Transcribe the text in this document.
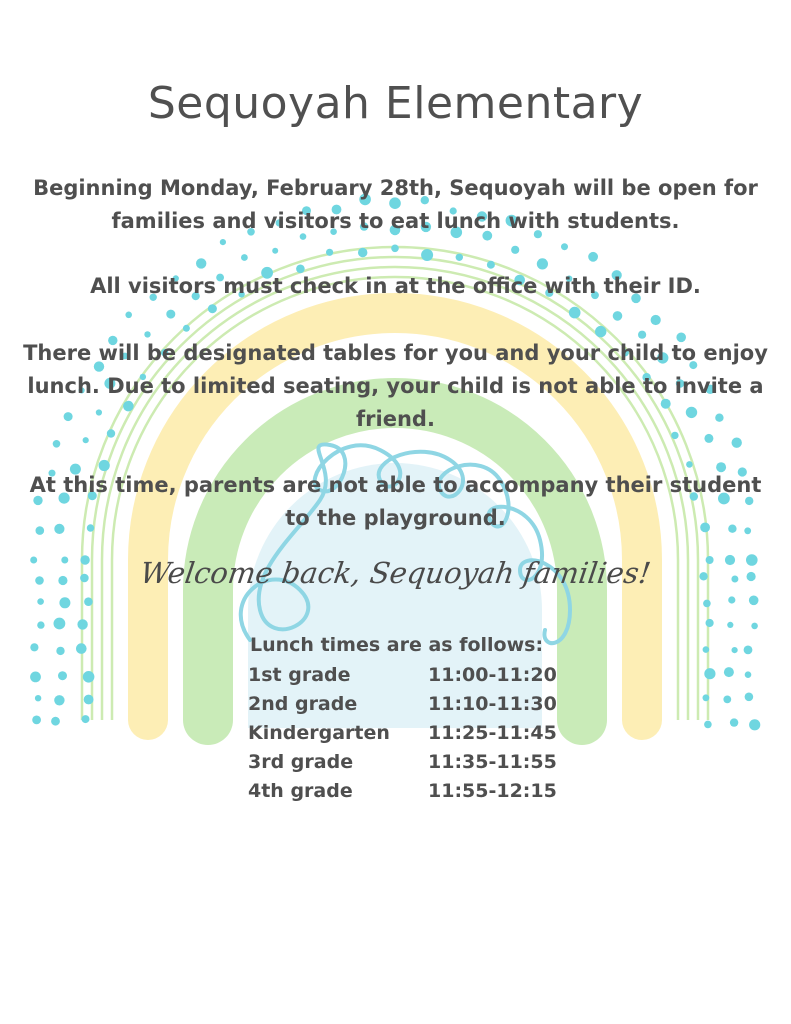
Sequoyah Elementary
Beginning Monday, February 28th, Sequoyah will be open for families and visitors to eat lunch with students.
All visitors must check in at the office with their ID.
There will be designated tables for you and your child to enjoy lunch. Due to limited seating, your child is not able to invite a friend.
At this time, parents are not able to accompany their student to the playground.
Welcome back, Sequoyah families!
Lunch times are as follows:
1st grade	11:00-11:20
2nd grade	11:10-11:30
Kindergarten 11:25-11:45
3rd grade	11:35-11:55
4th grade	11:55-12:15
